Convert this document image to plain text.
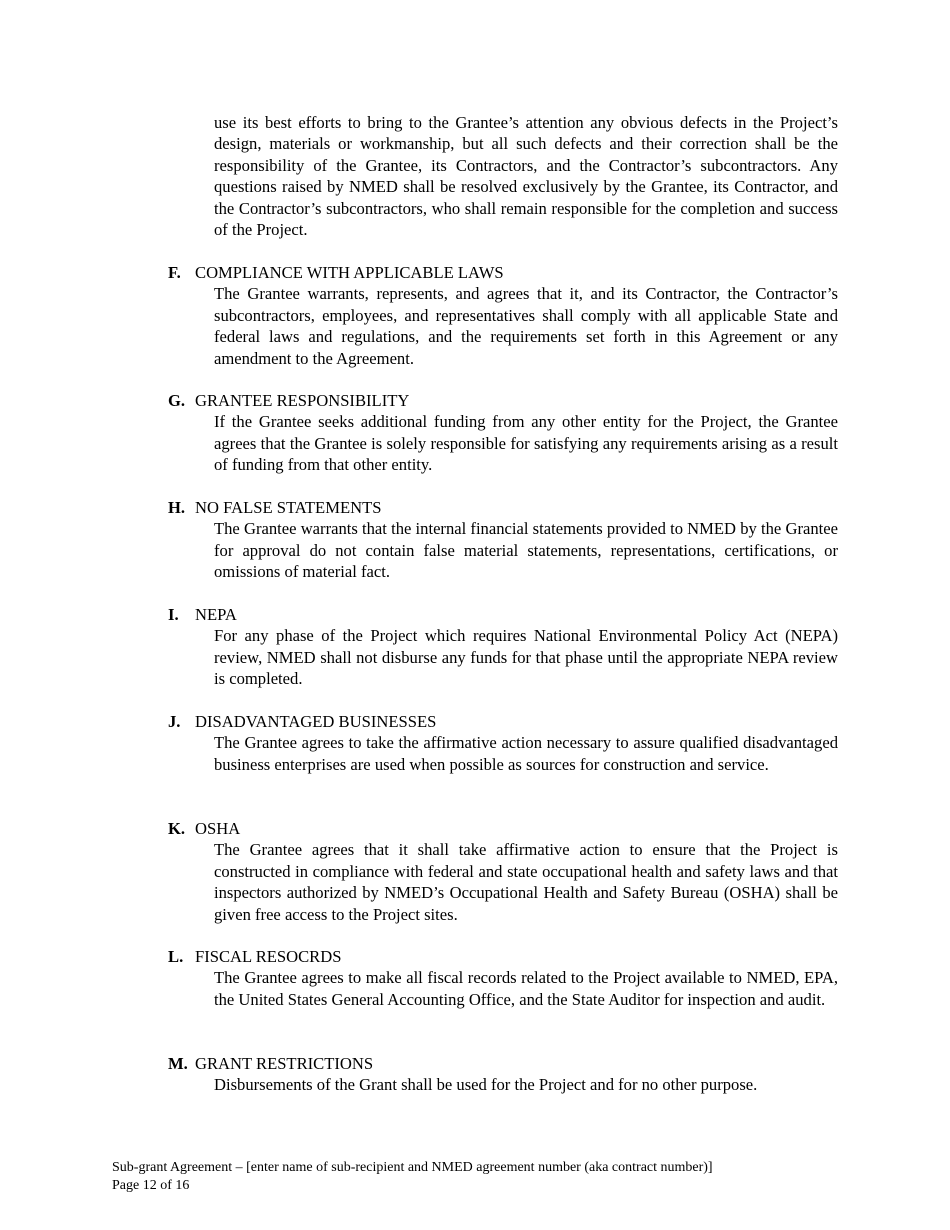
use its best efforts to bring to the Grantee’s attention any obvious defects in the Project’s design, materials or workmanship, but all such defects and their correction shall be the responsibility of the Grantee, its Contractors, and the Contractor’s subcontractors. Any questions raised by NMED shall be resolved exclusively by the Grantee, its Contractor, and the Contractor’s subcontractors, who shall remain responsible for the completion and success of the Project.
F. COMPLIANCE WITH APPLICABLE LAWS
The Grantee warrants, represents, and agrees that it, and its Contractor, the Contractor’s subcontractors, employees, and representatives shall comply with all applicable State and federal laws and regulations, and the requirements set forth in this Agreement or any amendment to the Agreement.
G. GRANTEE RESPONSIBILITY
If the Grantee seeks additional funding from any other entity for the Project, the Grantee agrees that the Grantee is solely responsible for satisfying any requirements arising as a result of funding from that other entity.
H. NO FALSE STATEMENTS
The Grantee warrants that the internal financial statements provided to NMED by the Grantee for approval do not contain false material statements, representations, certifications, or omissions of material fact.
I. NEPA
For any phase of the Project which requires National Environmental Policy Act (NEPA) review, NMED shall not disburse any funds for that phase until the appropriate NEPA review is completed.
J. DISADVANTAGED BUSINESSES
The Grantee agrees to take the affirmative action necessary to assure qualified disadvantaged business enterprises are used when possible as sources for construction and service.
K. OSHA
The Grantee agrees that it shall take affirmative action to ensure that the Project is constructed in compliance with federal and state occupational health and safety laws and that inspectors authorized by NMED’s Occupational Health and Safety Bureau (OSHA) shall be given free access to the Project sites.
L. FISCAL RESOCRDS
The Grantee agrees to make all fiscal records related to the Project available to NMED, EPA, the United States General Accounting Office, and the State Auditor for inspection and audit.
M. GRANT RESTRICTIONS
Disbursements of the Grant shall be used for the Project and for no other purpose.
Sub-grant Agreement – [enter name of sub-recipient and NMED agreement number (aka contract number)]
Page 12 of 16
